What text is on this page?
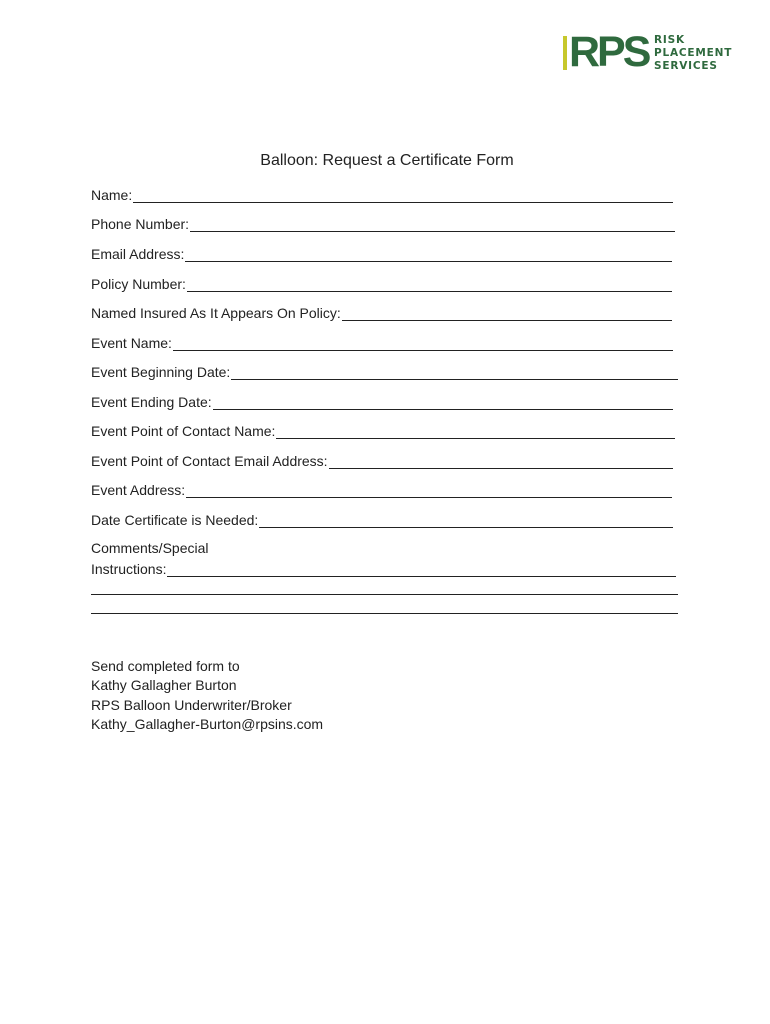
RPS RISK
PLACEMENT
SERVICES
Balloon: Request a Certificate Form
Name:
Phone Number:
Email Address:
Policy Number:
Named Insured As It Appears On Policy:
Event Name:
Event Beginning Date:
Event Ending Date:
Event Point of Contact Name:
Event Point of Contact Email Address:
Event Address:
Date Certificate is Needed:
Comments/Special
Instructions:
Send completed form to
Kathy Gallagher Burton
RPS Balloon Underwriter/Broker
Kathy_Gallagher-Burton@rpsins.com
